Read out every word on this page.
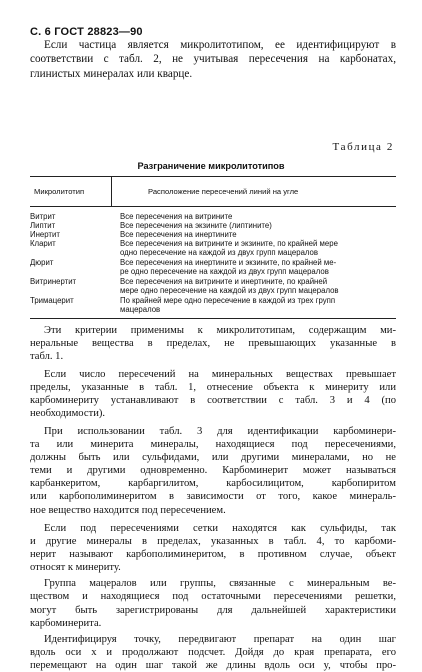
С. 6 ГОСТ 28823—90
Если частица является микролитотипом, ее идентифицируют в
соответствии с табл. 2, не учитывая пересечения на карбонатах,
глинистых минералах или кварце.
Таблица 2
Разграничение микролитотипов
Микролитотип	Расположение пересечений линий на угле
Витрит	Все пересечения на витрините
Липтит	Все пересечения на экзините (липтините)
Инертит	Все пересечения на инертините
Кларит	Все пересечения на витрините и экзините, по крайней мере
одно пересечение на каждой из двух групп мацералов
Дюрит	Все пересечения на инертините и экзините, по крайней ме-
ре одно пересечение на каждой из двух групп мацералов
Витринертит	Все пересечения на витрините и инертините, по крайней
мере одно пересечение на каждой из двух групп мацералов
Тримацерит	По крайней мере одно пересечение в каждой из трех групп
мацералов
Эти критерии применимы к микролитотипам, содержащим ми-
неральные вещества в пределах, не превышающих указанные в
табл. 1.
Если число пересечений на минеральных веществах превышает
пределы, указанные в табл. 1, отнесение объекта к минериту или
карбоминериту устанавливают в соответствии с табл. 3 и 4 (по
необходимости).
При использовании табл. 3 для идентификации карбоминери-
та или минерита минералы, находящиеся под пересечениями,
должны быть или сульфидами, или другими минералами, но не
теми и другими одновременно. Карбоминерит может называться
карбанкеритом, карбаргилитом, карбосилицитом, карбопиритом
или карбополиминеритом в зависимости от того, какое минераль-
ное вещество находится под пересечением.
Если под пересечениями сетки находятся как сульфиды, так
и другие минералы в пределах, указанных в табл. 4, то карбоми-
нерит называют карбополиминеритом, в противном случае, объект
относят к минериту.
Группа мацералов или группы, связанные с минеральным ве-
ществом и находящиеся под остаточными пересечениями решетки,
могут быть зарегистрированы для дальнейшей характеристики
карбоминерита.
Идентифицируя точку, передвигают препарат на один шаг
вдоль оси x и продолжают подсчет. Дойдя до края препарата, его
перемещают на один шаг такой же длины вдоль оси y, чтобы про-
